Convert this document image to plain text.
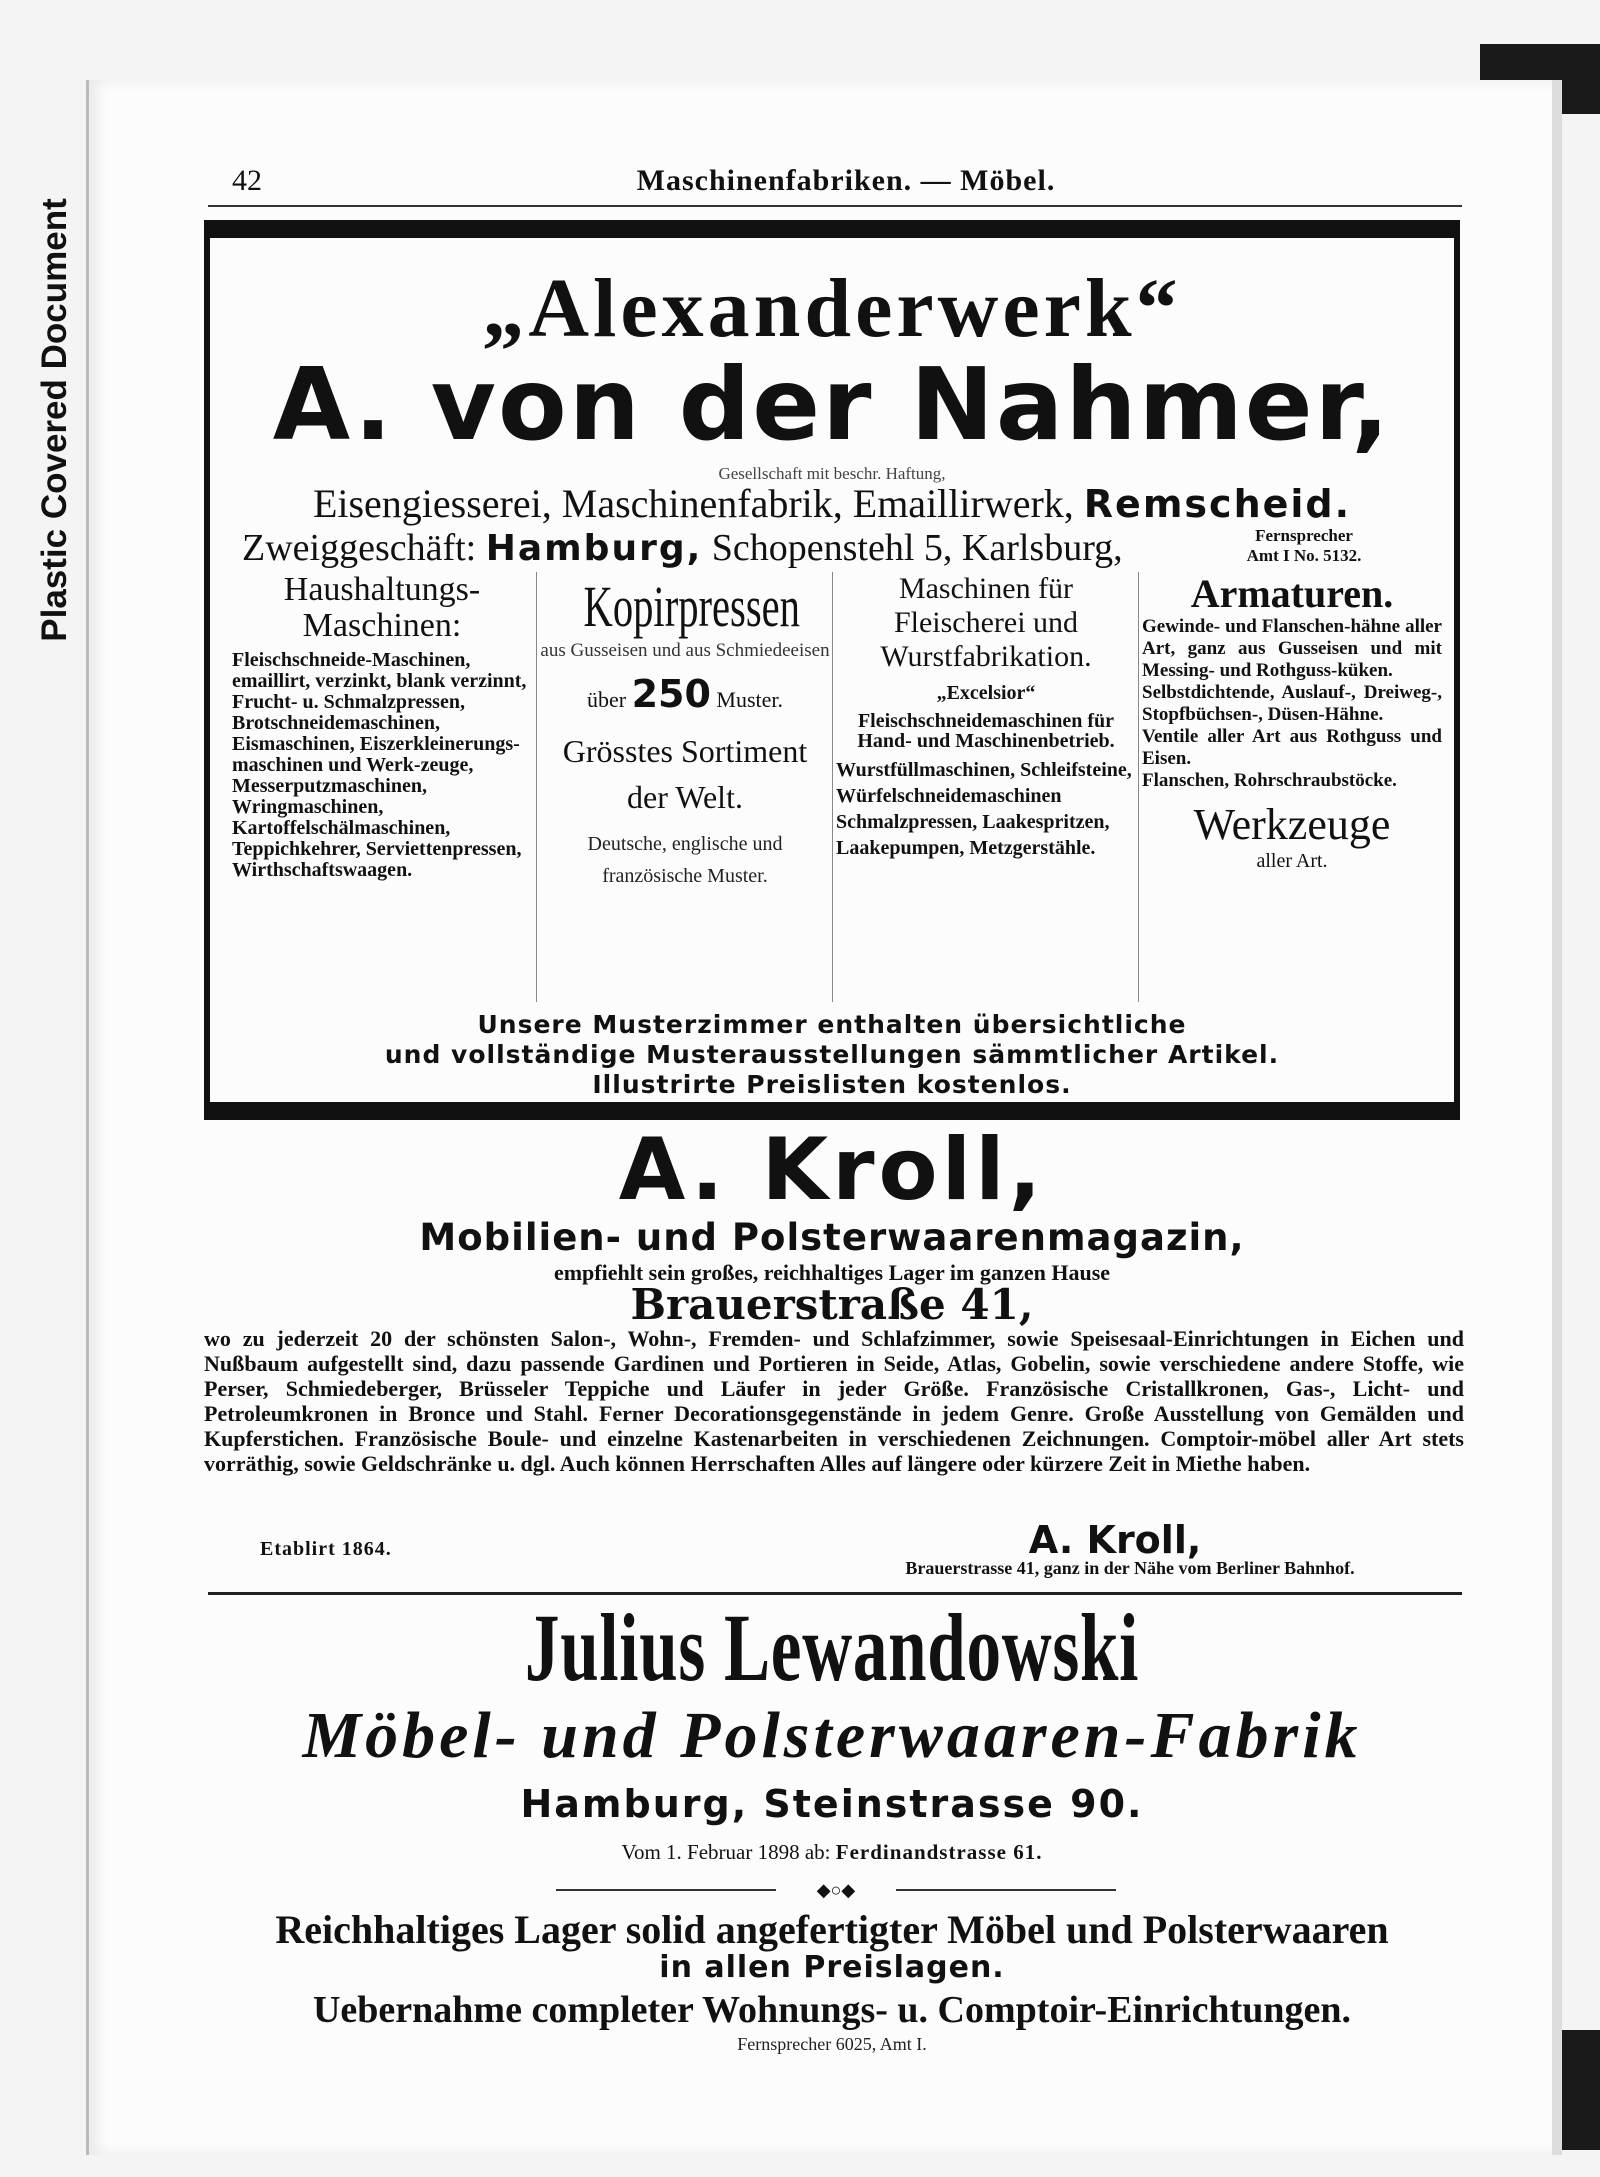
Plastic Covered Document
42	Maschinenfabriken. — Möbel.
„Alexanderwerk“
A. von der Nahmer,
Gesellschaft mit beschr. Haftung,
Eisengiesserei, Maschinenfabrik, Emaillirwerk, Remscheid.
Zweiggeschäft: Hamburg, Schopenstehl 5, Karlsburg,	Fernsprecher
Amt I No. 5132.
Haushaltungs-Maschinen:
Fleischschneide-Maschinen, emaillirt, verzinkt, blank verzinnt, Frucht- u. Schmalzpressen, Brotschneidemaschinen, Eismaschinen, Eiszerkleinerungs-maschinen und Werk-zeuge, Messerputzmaschinen, Wringmaschinen, Kartoffelschälmaschinen, Teppichkehrer, Serviettenpressen, Wirthschaftswaagen.
Kopirpressen
aus Gusseisen und aus Schmiedeeisen
über 250 Muster.
Grösstes Sortiment der Welt.
Deutsche, englische und französische Muster.
Maschinen für Fleischerei und Wurstfabrikation.
„Excelsior“
Fleischschneidemaschinen für Hand- und Maschinenbetrieb.
Wurstfüllmaschinen, Schleifsteine, Würfelschneidemaschinen Schmalzpressen, Laakespritzen, Laakepumpen, Metzgerstähle.
Armaturen.
Gewinde- und Flanschen-hähne aller Art, ganz aus Gusseisen und mit Messing- und Rothguss-küken.
Selbstdichtende, Auslauf-, Dreiweg-, Stopfbüchsen-, Düsen-Hähne.
Ventile aller Art aus Rothguss und Eisen.
Flanschen, Rohrschraubstöcke.
Werkzeuge
aller Art.
Unsere Musterzimmer enthalten übersichtliche
und vollständige Musterausstellungen sämmtlicher Artikel.
Illustrirte Preislisten kostenlos.
A. Kroll,
Mobilien- und Polsterwaarenmagazin,
empfiehlt sein großes, reichhaltiges Lager im ganzen Hause
Brauerstraße 41,
wo zu jederzeit 20 der schönsten Salon-, Wohn-, Fremden- und Schlafzimmer, sowie Speisesaal-Einrichtungen in Eichen und Nußbaum aufgestellt sind, dazu passende Gardinen und Portieren in Seide, Atlas, Gobelin, sowie verschiedene andere Stoffe, wie Perser, Schmiedeberger, Brüsseler Teppiche und Läufer in jeder Größe. Französische Cristallkronen, Gas-, Licht- und Petroleumkronen in Bronce und Stahl. Ferner Decorationsgegenstände in jedem Genre. Große Ausstellung von Gemälden und Kupferstichen. Französische Boule- und einzelne Kastenarbeiten in verschiedenen Zeichnungen. Comptoir-möbel aller Art stets vorräthig, sowie Geldschränke u. dgl. Auch können Herrschaften Alles auf längere oder kürzere Zeit in Miethe haben.
Etablirt 1864.	A. Kroll,
Brauerstrasse 41, ganz in der Nähe vom Berliner Bahnhof.
Julius Lewandowski
Möbel- und Polsterwaaren-Fabrik
Hamburg, Steinstrasse 90.
Vom 1. Februar 1898 ab: Ferdinandstrasse 61.
◆○◆
Reichhaltiges Lager solid angefertigter Möbel und Polsterwaaren
in allen Preislagen.
Uebernahme completer Wohnungs- u. Comptoir-Einrichtungen.
Fernsprecher 6025, Amt I.
